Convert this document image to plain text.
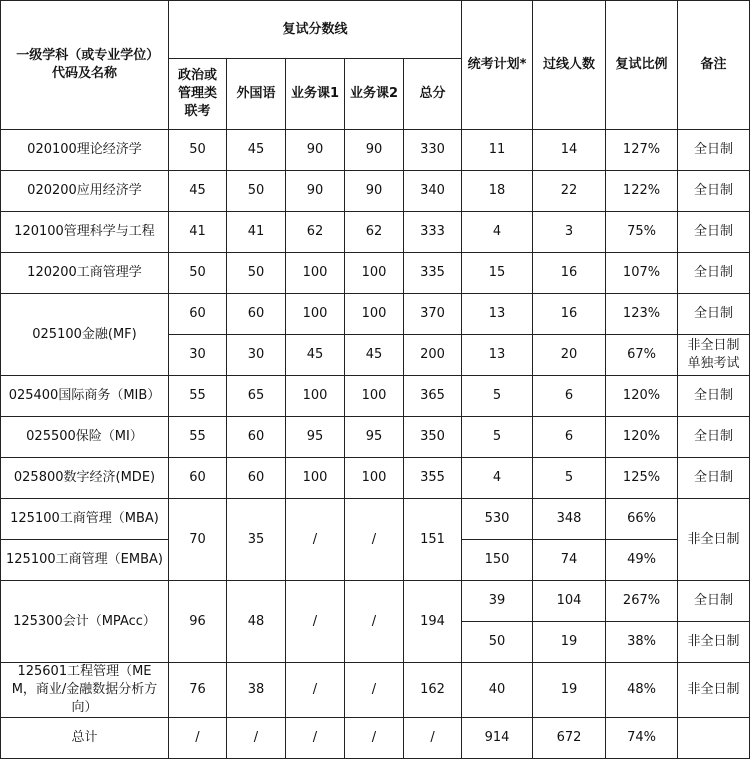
一级学科（或专业学位）代码及名称	复试分数线					统考计划*	过线人数	复试比例	备注
	政治或管理类联考	外国语	业务课1	业务课2	总分				
020100理论经济学	50	45	90	90	330	11	14	127%	全日制
020200应用经济学	45	50	90	90	340	18	22	122%	全日制
120100管理科学与工程	41	41	62	62	333	4	3	75%	全日制
120200工商管理学	50	50	100	100	335	15	16	107%	全日制
025100金融(MF)	60	60	100	100	370	13	16	123%	全日制
	30	30	45	45	200	13	20	67%	非全日制单独考试
025400国际商务（MIB）	55	65	100	100	365	5	6	120%	全日制
025500保险（MI）	55	60	95	95	350	5	6	120%	全日制
025800数字经济(MDE)	60	60	100	100	355	4	5	125%	全日制
125100工商管理（MBA)	70	35	/	/	151	530	348	66%	非全日制
125100工商管理（EMBA)						150	74	49%	
125300会计（MPAcc）	96	48	/	/	194	39	104	267%	全日制
						50	19	38%	非全日制
125601工程管理（MEM，商业/金融数据分析方向）	76	38	/	/	162	40	19	48%	非全日制
总计	/	/	/	/	/	914	672	74%	
